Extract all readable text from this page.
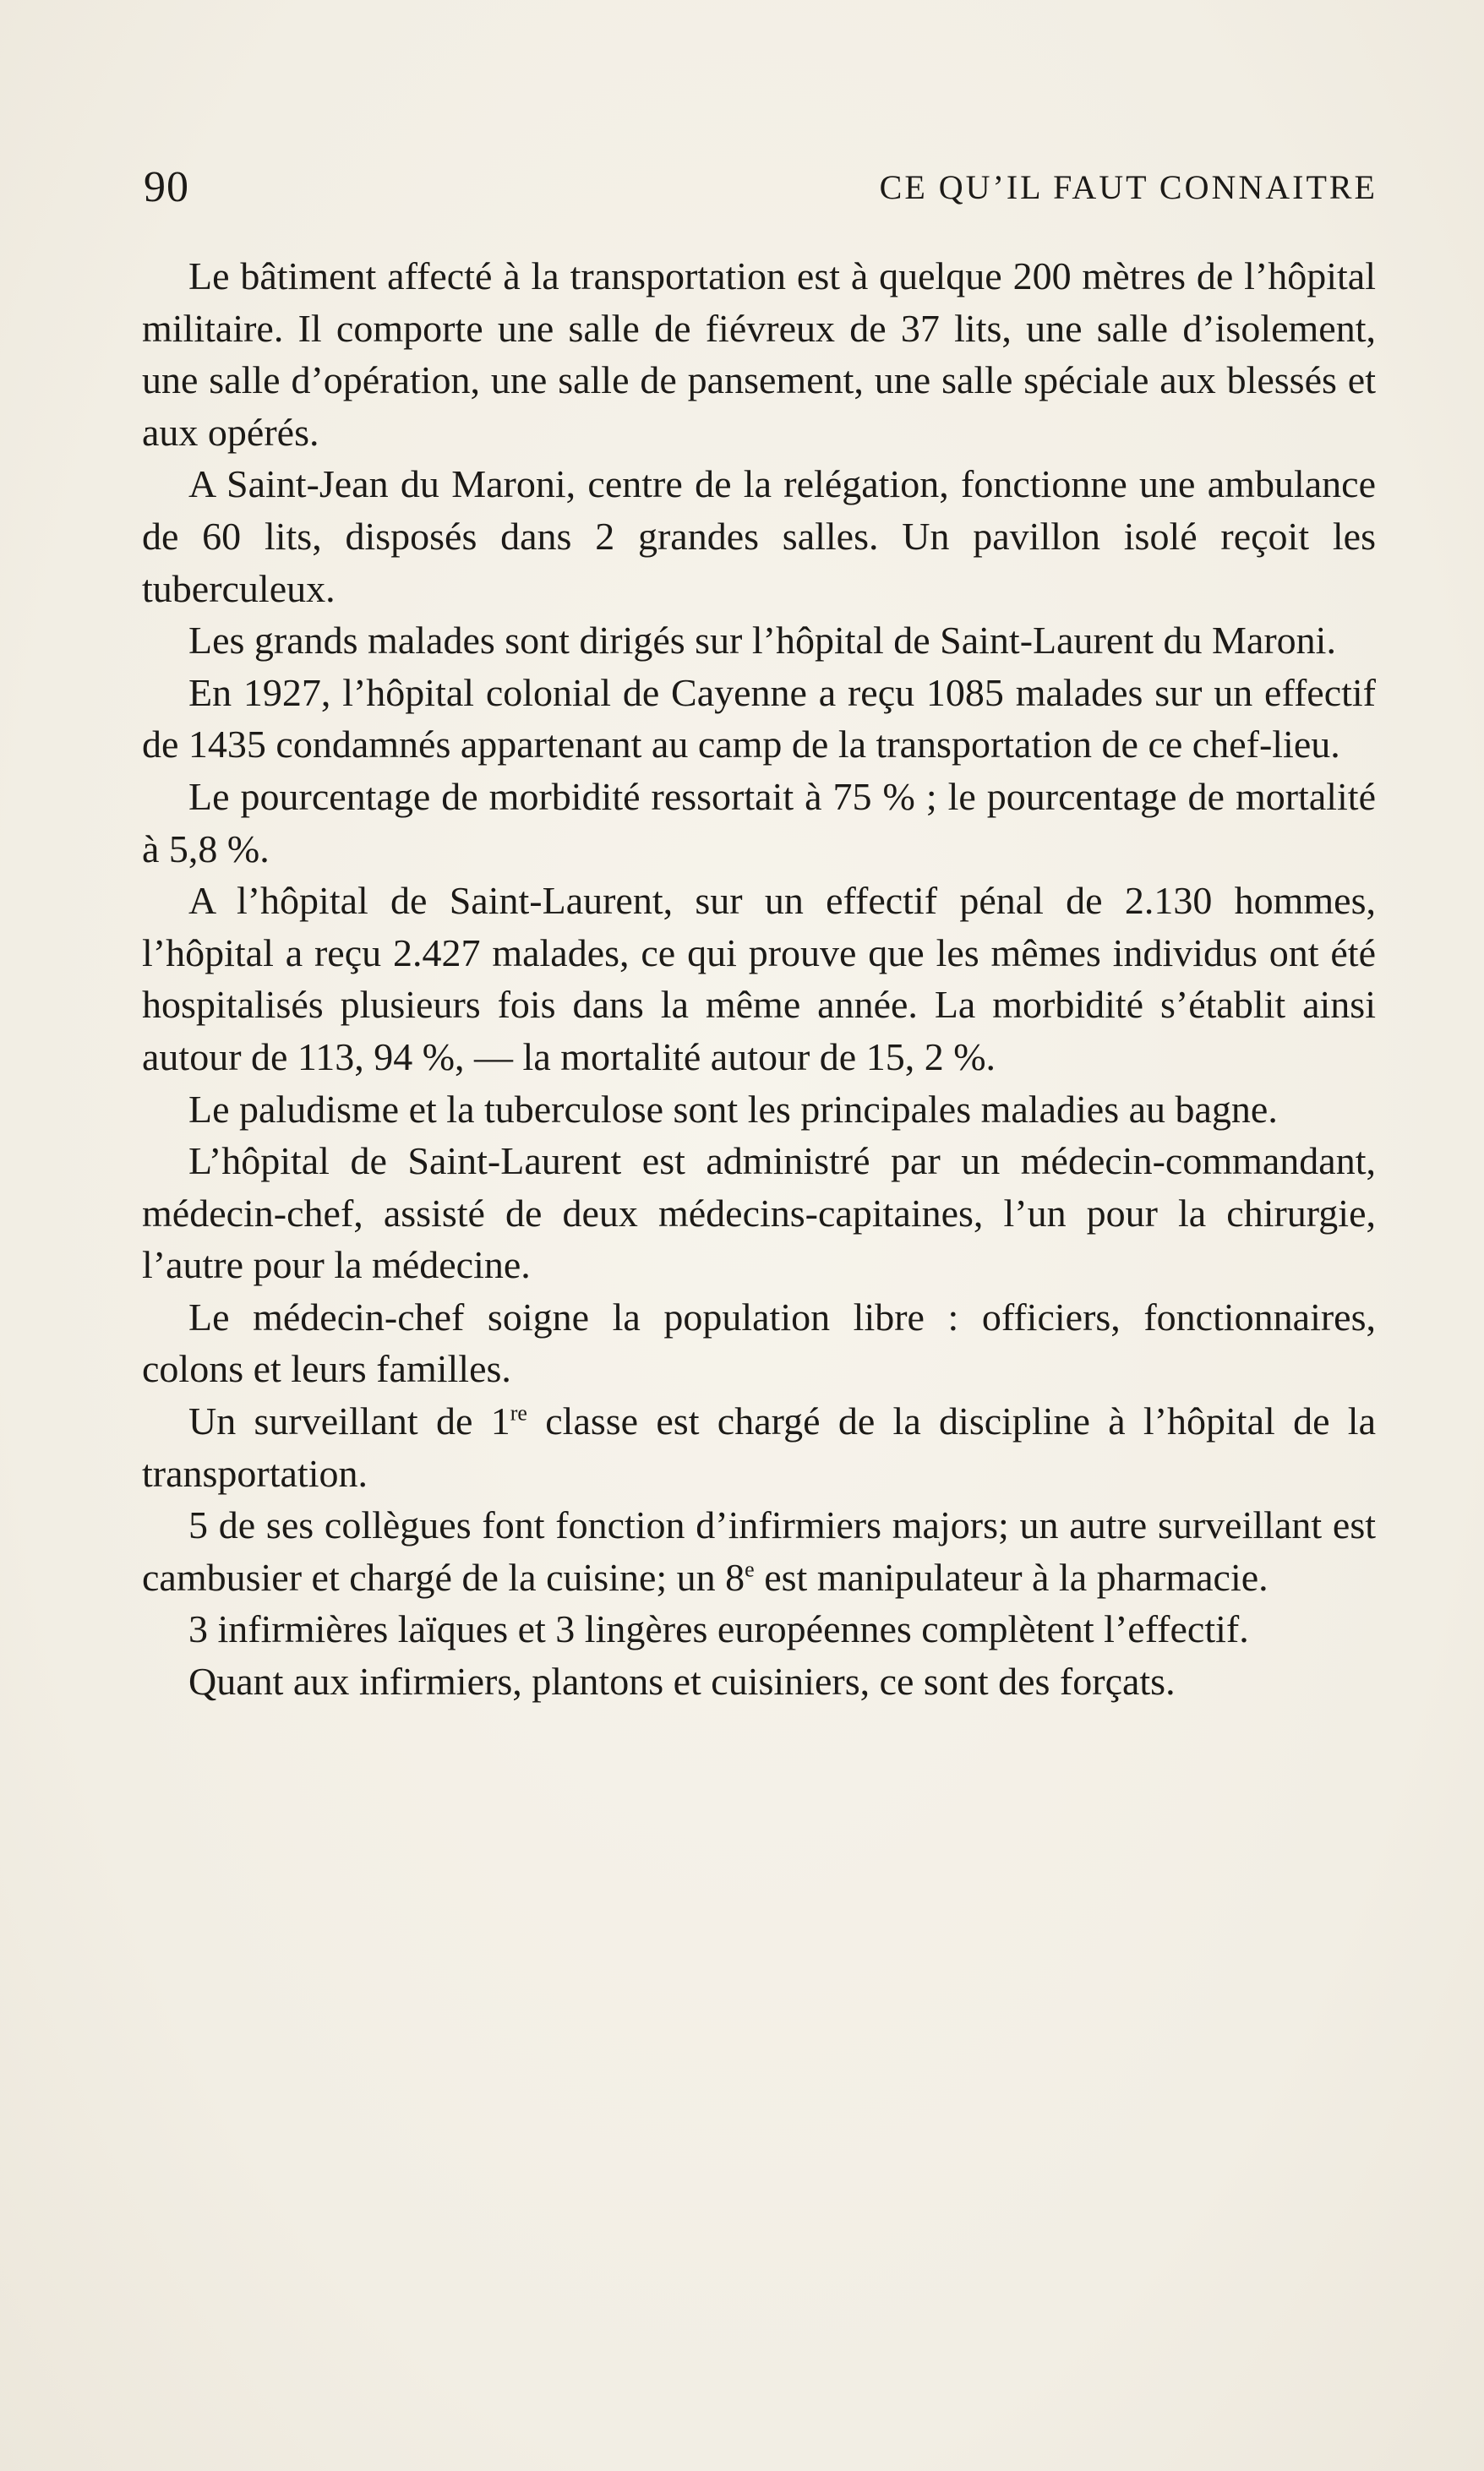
90	CE QU’IL FAUT CONNAITRE

Le bâtiment affecté à la transportation est à quelque 200 mètres de l’hôpital militaire. Il comporte une salle de fiévreux de 37 lits, une salle d’isolement, une salle d’opération, une salle de pansement, une salle spéciale aux blessés et aux opérés.

A Saint-Jean du Maroni, centre de la relégation, fonctionne une ambulance de 60 lits, disposés dans 2 grandes salles. Un pavillon isolé reçoit les tuberculeux.

Les grands malades sont dirigés sur l’hôpital de Saint-Laurent du Maroni.

En 1927, l’hôpital colonial de Cayenne a reçu 1085 malades sur un effectif de 1435 condamnés appartenant au camp de la transportation de ce chef-lieu.

Le pourcentage de morbidité ressortait à 75 % ; le pourcentage de mortalité à 5,8 %.

A l’hôpital de Saint-Laurent, sur un effectif pénal de 2.130 hommes, l’hôpital a reçu 2.427 malades, ce qui prouve que les mêmes individus ont été hospitalisés plusieurs fois dans la même année. La morbidité s’établit ainsi autour de 113, 94 %, — la mortalité autour de 15, 2 %.

Le paludisme et la tuberculose sont les principales maladies au bagne.

L’hôpital de Saint-Laurent est administré par un médecin-commandant, médecin-chef, assisté de deux médecins-capitaines, l’un pour la chirurgie, l’autre pour la médecine.

Le médecin-chef soigne la population libre : officiers, fonctionnaires, colons et leurs familles.

Un surveillant de 1re classe est chargé de la discipline à l’hôpital de la transportation.

5 de ses collègues font fonction d’infirmiers majors; un autre surveillant est cambusier et chargé de la cuisine; un 8e est manipulateur à la pharmacie.

3 infirmières laïques et 3 lingères européennes complètent l’effectif.

Quant aux infirmiers, plantons et cuisiniers, ce sont des forçats.
